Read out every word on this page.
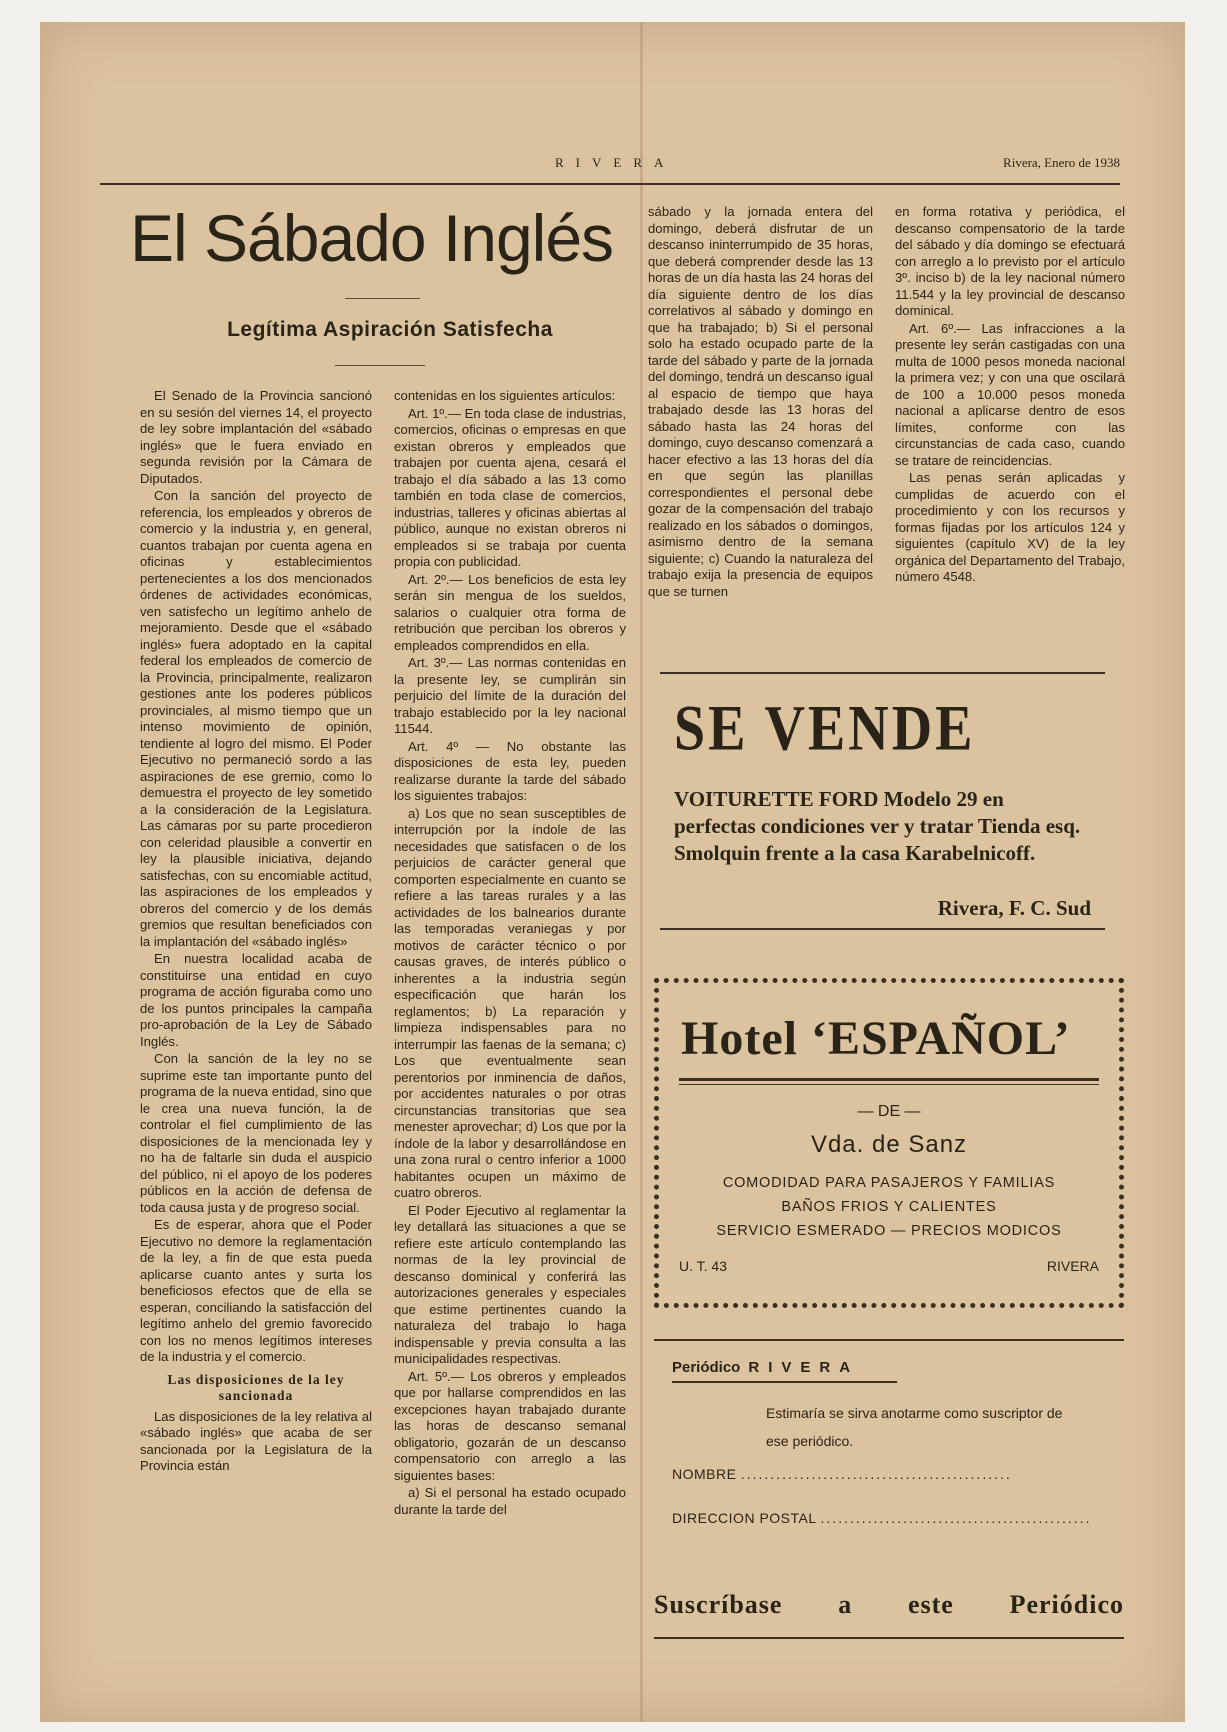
RIVERA	Rivera, Enero de 1938
El Sábado Inglés
Legítima Aspiración Satisfecha

El Senado de la Provincia sancionó en su sesión del viernes 14, el proyecto de ley sobre implantación del «sábado inglés» que le fuera enviado en segunda revisión por la Cámara de Diputados.

Con la sanción del proyecto de referencia, los empleados y obreros de comercio y la industria y, en general, cuantos trabajan por cuenta agena en oficinas y establecimientos pertenecientes a los dos mencionados órdenes de actividades económicas, ven satisfecho un legítimo anhelo de mejoramiento. Desde que el «sábado inglés» fuera adoptado en la capital federal los empleados de comercio de la Provincia, principalmente, realizaron gestiones ante los poderes públicos provinciales, al mismo tiempo que un intenso movimiento de opinión, tendiente al logro del mismo. El Poder Ejecutivo no permaneció sordo a las aspiraciones de ese gremio, como lo demuestra el proyecto de ley sometido a la consideración de la Legislatura. Las cámaras por su parte procedieron con celeridad plausible a convertir en ley la plausible iniciativa, dejando satisfechas, con su encomiable actitud, las aspiraciones de los empleados y obreros del comercio y de los demás gremios que resultan beneficiados con la implantación del «sábado inglés»

En nuestra localidad acaba de constituirse una entidad en cuyo programa de acción figuraba como uno de los puntos principales la campaña pro-aprobación de la Ley de Sábado Inglés.

Con la sanción de la ley no se suprime este tan importante punto del programa de la nueva entidad, sino que le crea una nueva función, la de controlar el fiel cumplimiento de las disposiciones de la mencionada ley y no ha de faltarle sin duda el auspicio del público, ni el apoyo de los poderes públicos en la acción de defensa de toda causa justa y de progreso social.

Es de esperar, ahora que el Poder Ejecutivo no demore la reglamentación de la ley, a fin de que esta pueda aplicarse cuanto antes y surta los beneficiosos efectos que de ella se esperan, conciliando la satisfacción del legítimo anhelo del gremio favorecido con los no menos legítimos intereses de la industria y el comercio.

Las disposiciones de la ley sancionada

Las disposiciones de la ley relativa al «sábado inglés» que acaba de ser sancionada por la Legislatura de la Provincia están

contenidas en los siguientes artículos:

Art. 1º.— En toda clase de industrias, comercios, oficinas o empresas en que existan obreros y empleados que trabajen por cuenta ajena, cesará el trabajo el día sábado a las 13 como también en toda clase de comercios, industrias, talleres y oficinas abiertas al público, aunque no existan obreros ni empleados si se trabaja por cuenta propia con publicidad.

Art. 2º.— Los beneficios de esta ley serán sin mengua de los sueldos, salarios o cualquier otra forma de retribución que perciban los obreros y empleados comprendidos en ella.

Art. 3º.— Las normas contenidas en la presente ley, se cumplirán sin perjuicio del límite de la duración del trabajo establecido por la ley nacional 11544.

Art. 4º — No obstante las disposiciones de esta ley, pueden realizarse durante la tarde del sábado los siguientes trabajos:

a) Los que no sean susceptibles de interrupción por la índole de las necesidades que satisfacen o de los perjuicios de carácter general que comporten especialmente en cuanto se refiere a las tareas rurales y a las actividades de los balnearios durante las temporadas veraniegas y por motivos de carácter técnico o por causas graves, de interés público o inherentes a la industria según especificación que harán los reglamentos; b) La reparación y limpieza indispensables para no interrumpir las faenas de la semana; c) Los que eventualmente sean perentorios por inminencia de daños, por accidentes naturales o por otras circunstancias transitorias que sea menester aprovechar; d) Los que por la índole de la labor y desarrollándose en una zona rural o centro inferior a 1000 habitantes ocupen un máximo de cuatro obreros.

El Poder Ejecutivo al reglamentar la ley detallará las situaciones a que se refiere este artículo contemplando las normas de la ley provincial de descanso dominical y conferirá las autorizaciones generales y especiales que estime pertinentes cuando la naturaleza del trabajo lo haga indispensable y previa consulta a las municipalidades respectivas.

Art. 5º.— Los obreros y empleados que por hallarse comprendidos en las excepciones hayan trabajado durante las horas de descanso semanal obligatorio, gozarán de un descanso compensatorio con arreglo a las siguientes bases:

a) Si el personal ha estado ocupado durante la tarde del

sábado y la jornada entera del domingo, deberá disfrutar de un descanso ininterrumpido de 35 horas, que deberá comprender desde las 13 horas de un día hasta las 24 horas del día siguiente dentro de los días correlativos al sábado y domingo en que ha trabajado; b) Si el personal solo ha estado ocupado parte de la tarde del sábado y parte de la jornada del domingo, tendrá un descanso igual al espacio de tiempo que haya trabajado desde las 13 horas del sábado hasta las 24 horas del domingo, cuyo descanso comenzará a hacer efectivo a las 13 horas del día en que según las planillas correspondientes el personal debe gozar de la compensación del trabajo realizado en los sábados o domingos, asimismo dentro de la semana siguiente; c) Cuando la naturaleza del trabajo exija la presencia de equipos que se turnen

en forma rotativa y periódica, el descanso compensatorio de la tarde del sábado y día domingo se efectuará con arreglo a lo previsto por el artículo 3º. inciso b) de la ley nacional número 11.544 y la ley provincial de descanso dominical.

Art. 6º.— Las infracciones a la presente ley serán castigadas con una multa de 1000 pesos moneda nacional la primera vez; y con una que oscilará de 100 a 10.000 pesos moneda nacional a aplicarse dentro de esos límites, conforme con las circunstancias de cada caso, cuando se tratare de reincidencias.

Las penas serán aplicadas y cumplidas de acuerdo con el procedimiento y con los recursos y formas fijadas por los artículos 124 y siguientes (capítulo XV) de la ley orgánica del Departamento del Trabajo, número 4548.

SE VENDE
VOITURETTE FORD Modelo 29 en perfectas condiciones ver y tratar Tienda esq. Smolquin frente a la casa Karabelnicoff.
Rivera, F. C. Sud
Hotel ‘ESPAÑOL’
— DE —
Vda. de Sanz
COMODIDAD PARA PASAJEROS Y FAMILIAS
BAÑOS FRIOS Y CALIENTES
SERVICIO ESMERADO — PRECIOS MODICOS
U. T. 43	RIVERA
Periódico RIVERA
Estimaría se sirva anotarme como suscriptor de
ese periódico.
NOMBRE ..............................................
DIRECCION POSTAL ..............................................
Suscríbase a este Periódico
